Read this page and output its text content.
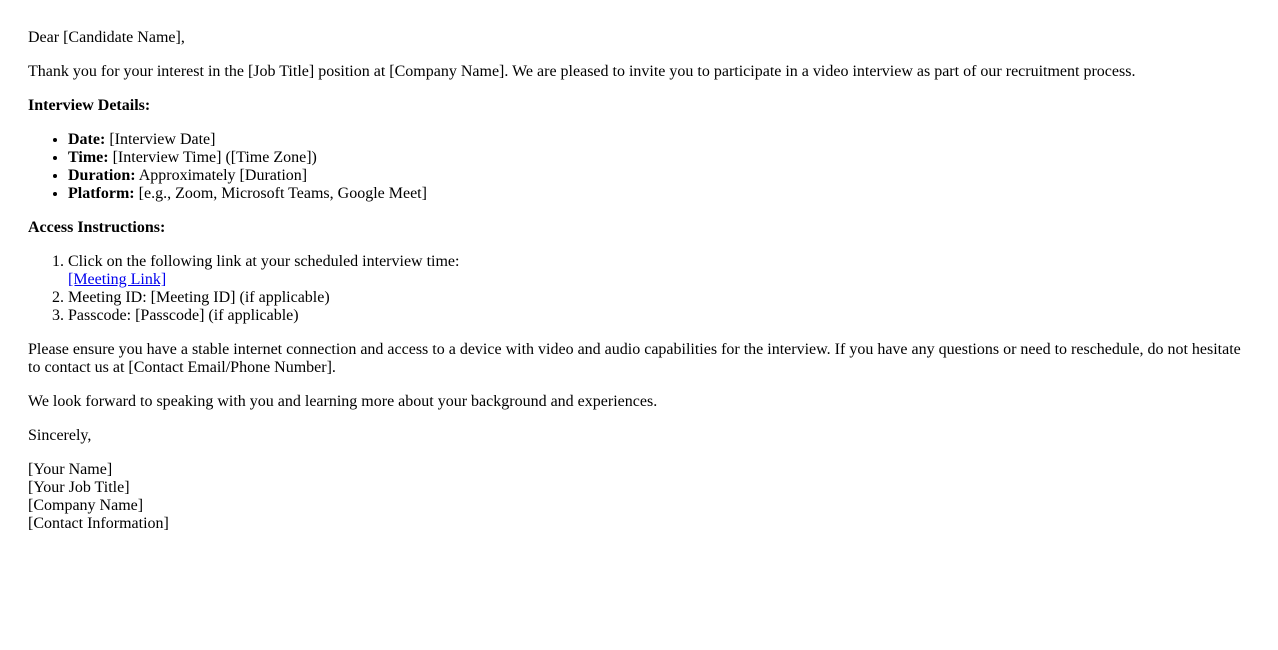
Dear [Candidate Name],

Thank you for your interest in the [Job Title] position at [Company Name]. We are pleased to invite you to participate in a video interview as part of our recruitment process.

Interview Details:

• Date: [Interview Date]
• Time: [Interview Time] ([Time Zone])
• Duration: Approximately [Duration]
• Platform: [e.g., Zoom, Microsoft Teams, Google Meet]

Access Instructions:

1. Click on the following link at your scheduled interview time:
[Meeting Link]
2. Meeting ID: [Meeting ID] (if applicable)
3. Passcode: [Passcode] (if applicable)

Please ensure you have a stable internet connection and access to a device with video and audio capabilities for the interview. If you have any questions or need to reschedule, do not hesitate to contact us at [Contact Email/Phone Number].

We look forward to speaking with you and learning more about your background and experiences.

Sincerely,

[Your Name]
[Your Job Title]
[Company Name]
[Contact Information]
